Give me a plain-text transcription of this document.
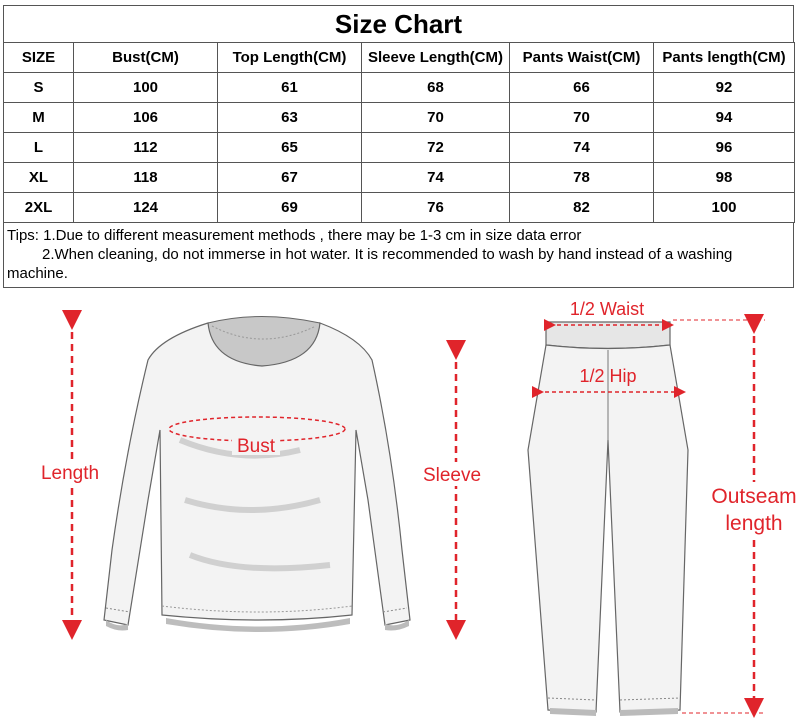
Size Chart
SIZE	Bust(CM)	Top Length(CM)	Sleeve Length(CM)	Pants Waist(CM)	Pants length(CM)
S	100	61	68	66	92
M	106	63	70	70	94
L	112	65	72	74	96
XL	118	67	74	78	98
2XL	124	69	76	82	100
Tips: 1.Due to different measurement methods , there may be 1-3 cm in size data error
2.When cleaning, do not immerse in hot water. It is recommended to wash by hand instead of a washing
machine.
Bust
Length	Sleeve
1/2 Waist
1/2 Hip
Outseam
length
